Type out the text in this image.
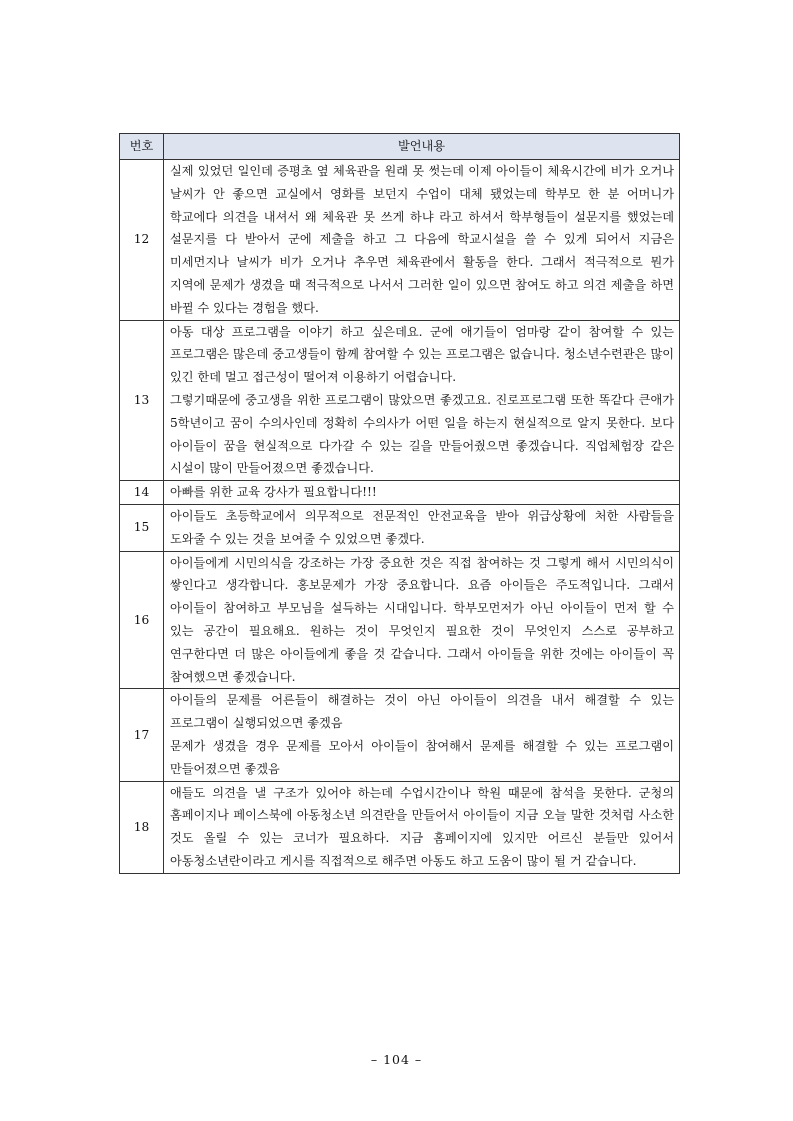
번호	발언내용
12	실제 있었던 일인데 증평초 옆 체육관을 원래 못 썻는데 이제 아이들이 체육시간에 비가 오거나 날씨가 안 좋으면 교실에서 영화를 보던지 수업이 대체 됐었는데 학부모 한 분 어머니가 학교에다 의견을 내셔서 왜 체육관 못 쓰게 하냐 라고 하셔서 학부형들이 설문지를 했었는데 설문지를 다 받아서 군에 제출을 하고 그 다음에 학교시설을 쓸 수 있게 되어서 지금은 미세먼지나 날씨가 비가 오거나 추우면 체육관에서 활동을 한다. 그래서 적극적으로 뭔가 지역에 문제가 생겼을 때 적극적으로 나서서 그러한 일이 있으면 참여도 하고 의견 제출을 하면 바뀔 수 있다는 경험을 했다.

13	아동 대상 프로그램을 이야기 하고 싶은데요. 군에 애기들이 엄마랑 같이 참여할 수 있는 프로그램은 많은데 중고생들이 함께 참여할 수 있는 프로그램은 없습니다. 청소년수련관은 많이 있긴 한데 멀고 접근성이 떨어져 이용하기 어렵습니다.
그렇기때문에 중고생을 위한 프로그램이 많았으면 좋겠고요. 진로프로그램 또한 똑같다 큰애가 5학년이고 꿈이 수의사인데 정확히 수의사가 어떤 일을 하는지 현실적으로 알지 못한다. 보다 아이들이 꿈을 현실적으로 다가갈 수 있는 길을 만들어줬으면 좋겠습니다. 직업체험장 같은 시설이 많이 만들어졌으면 좋겠습니다.

14	아빠를 위한 교육 강사가 필요합니다!!!

15	아이들도 초등학교에서 의무적으로 전문적인 안전교육을 받아 위급상황에 처한 사람들을 도와줄 수 있는 것을 보여줄 수 있었으면 좋겠다.

16	아이들에게 시민의식을 강조하는 가장 중요한 것은 직접 참여하는 것 그렇게 해서 시민의식이 쌓인다고 생각합니다. 홍보문제가 가장 중요합니다. 요즘 아이들은 주도적입니다. 그래서 아이들이 참여하고 부모님을 설득하는 시대입니다. 학부모먼저가 아닌 아이들이 먼저 할 수 있는 공간이 필요해요. 원하는 것이 무엇인지 필요한 것이 무엇인지 스스로 공부하고 연구한다면 더 많은 아이들에게 좋을 것 같습니다. 그래서 아이들을 위한 것에는 아이들이 꼭 참여했으면 좋겠습니다.

17	아이들의 문제를 어른들이 해결하는 것이 아닌 아이들이 의견을 내서 해결할 수 있는 프로그램이 실행되었으면 좋겠음
문제가 생겼을 경우 문제를 모아서 아이들이 참여해서 문제를 해결할 수 있는 프로그램이 만들어졌으면 좋겠음

18	애들도 의견을 낼 구조가 있어야 하는데 수업시간이나 학원 때문에 참석을 못한다. 군청의 홈페이지나 페이스북에 아동청소년 의견란을 만들어서 아이들이 지금 오늘 말한 것처럼 사소한 것도 올릴 수 있는 코너가 필요하다. 지금 홈페이지에 있지만 어르신 분들만 있어서 아동청소년란이라고 게시를 직접적으로 해주면 아동도 하고 도움이 많이 될 거 같습니다.
– 104 –
